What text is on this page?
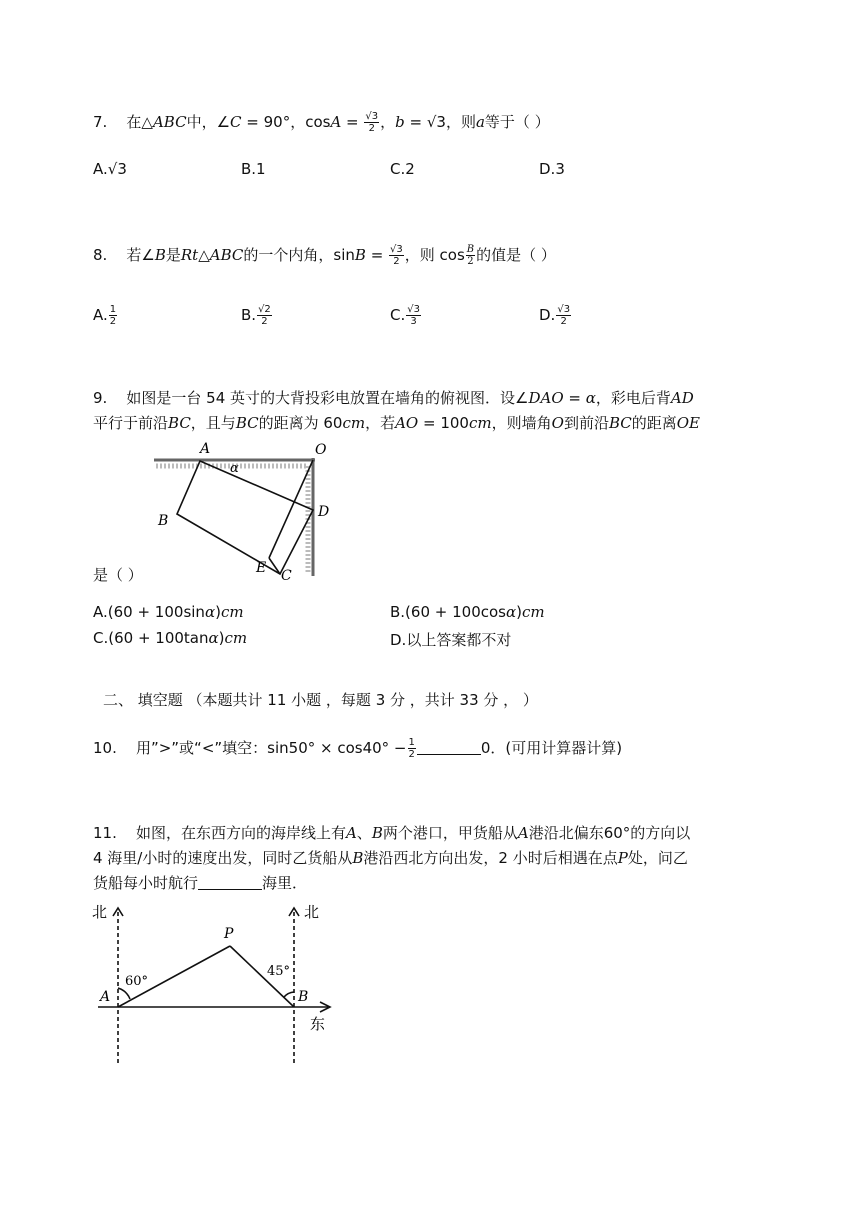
7. 在△ABC中，∠C = 90°，$\cos A = \frac{√3}{2}$ ，b = √3，则a等于（ ）
A.√3	B.1	C.2	D.3
8. 若∠B是Rt△ABC的一个内角，$\sin B = \frac{√3}{2}$ ，则 $\cos \frac{B}{2}$ 的值是（ ）
A. $\frac{1}{2}$	B. $\frac{√2}{2}$	C. $\frac{√3}{3}$	D. $\frac{√3}{2}$
9. 如图是一台 54 英寸的大背投彩电放置在墙角的俯视图．设∠DAO = α，彩电后背AD
平行于前沿BC，且与BC的距离为 60cm，若AO = 100cm，则墙角O到前沿BC的距离OE
A	O
α
B
D
E C
是（ ）
A.(60 + 100sinα)cm	B.(60 + 100cosα)cm
C.(60 + 100tanα)cm	D.以上答案都不对
二、 填空题 （本题共计 11 小题 ，每题 3 分 ，共计 33 分 ， ）
10. 用”>”或“<”填空：$\sin 50^\circ \times \cos 40^\circ - \frac{1}{2}$	0．(可用计算器计算)
11. 如图，在东西方向的海岸线上有A、B两个港口，甲货船从A港沿北偏东60°的方向以
4 海里/小时的速度出发，同时乙货船从B港沿西北方向出发，2 小时后相遇在点P处，问乙
货船每小时航行	海里．
北	北
东
A	B
P
60°
45°
